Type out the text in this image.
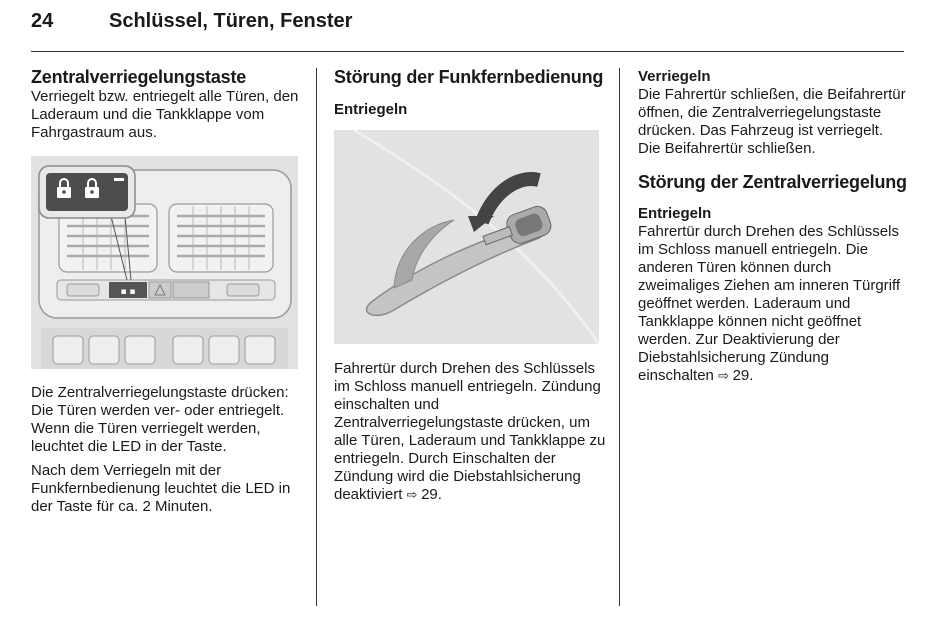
24	Schlüssel, Türen, Fenster
Zentralverriegelungstaste

Verriegelt bzw. entriegelt alle Türen, den Laderaum und die Tankklappe vom Fahrgastraum aus.

▪ ▪

Die Zentralverriegelungstaste drücken: Die Türen werden ver- oder entriegelt. Wenn die Türen verriegelt werden, leuchtet die LED in der Taste.

Nach dem Verriegeln mit der Funkfernbedienung leuchtet die LED in der Taste für ca. 2 Minuten.

Störung der Funkfernbedienung
Entriegeln

Fahrertür durch Drehen des Schlüssels im Schloss manuell entriegeln. Zündung einschalten und Zentralverriegelungstaste drücken, um alle Türen, Laderaum und Tankklappe zu entriegeln. Durch Einschalten der Zündung wird die Diebstahlsicherung deaktiviert ⇨ 29.

Verriegeln

Die Fahrertür schließen, die Beifahrertür öffnen, die Zentralverriegelungstaste drücken. Das Fahrzeug ist verriegelt. Die Beifahrertür schließen.

Störung der Zentralverriegelung
Entriegeln

Fahrertür durch Drehen des Schlüssels im Schloss manuell entriegeln. Die anderen Türen können durch zweimaliges Ziehen am inneren Türgriff geöffnet werden. Laderaum und Tankklappe können nicht geöffnet werden. Zur Deaktivierung der Diebstahlsicherung Zündung einschalten ⇨ 29.
